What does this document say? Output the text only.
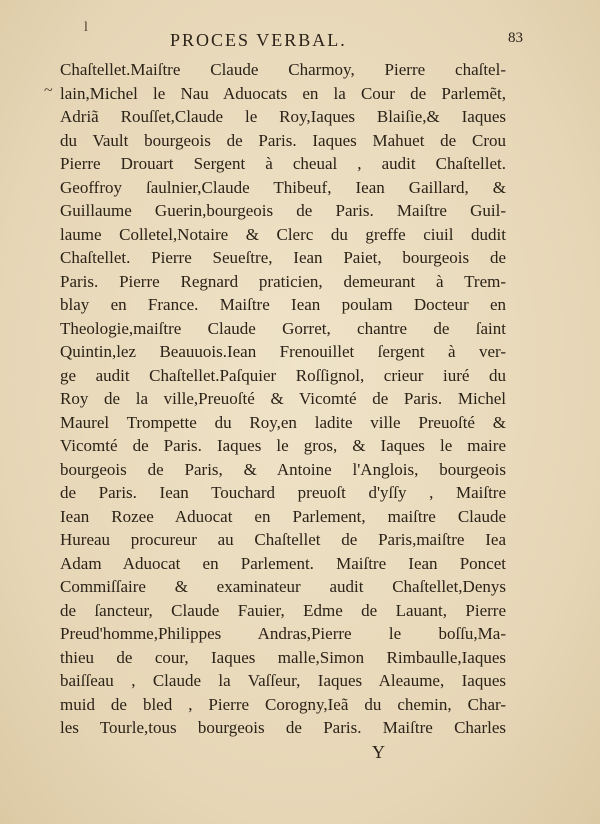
l
PROCES VERBAL.	83
~
Chaſtellet.Maiſtre Claude Charmoy, Pierre chaſtel-
lain,Michel le Nau Aduocats en la Cour de Parlemẽt,
Adriã Rouſſet,Claude le Roy,Iaques Blaiſie,& Iaques
du Vault bourgeois de Paris. Iaques Mahuet de Crou
Pierre Drouart Sergent à cheual , audit Chaſtellet.
Geoffroy ſaulnier,Claude Thibeuf, Iean Gaillard, &
Guillaume Guerin,bourgeois de Paris. Maiſtre Guil-
laume Colletel,Notaire & Clerc du greffe ciuil dudit
Chaſtellet. Pierre Seueſtre, Iean Paiet, bourgeois de
Paris. Pierre Regnard praticien, demeurant à Trem-
blay en France. Maiſtre Iean poulam Docteur en
Theologie,maiſtre Claude Gorret, chantre de ſaint
Quintin,lez Beauuois.Iean Frenouillet ſergent à ver-
ge audit Chaſtellet.Paſquier Roſſignol, crieur iuré du
Roy de la ville,Preuoſté & Vicomté de Paris. Michel
Maurel Trompette du Roy,en ladite ville Preuoſté &
Vicomté de Paris. Iaques le gros, & Iaques le maire
bourgeois de Paris, & Antoine l'Anglois, bourgeois
de Paris. Iean Touchard preuoſt d'yſſy , Maiſtre
Iean Rozee Aduocat en Parlement, maiſtre Claude
Hureau procureur au Chaſtellet de Paris,maiſtre Iea
Adam Aduocat en Parlement. Maiſtre Iean Poncet
Commiſſaire & examinateur audit Chaſtellet,Denys
de ſancteur, Claude Fauier, Edme de Lauant, Pierre
Preud'homme,Philippes Andras,Pierre le boſſu,Ma-
thieu de cour, Iaques malle,Simon Rimbaulle,Iaques
baiſſeau , Claude la Vaſſeur, Iaques Aleaume, Iaques
muid de bled , Pierre Corogny,Ieã du chemin, Char-
les Tourle,tous bourgeois de Paris. Maiſtre Charles
Y
